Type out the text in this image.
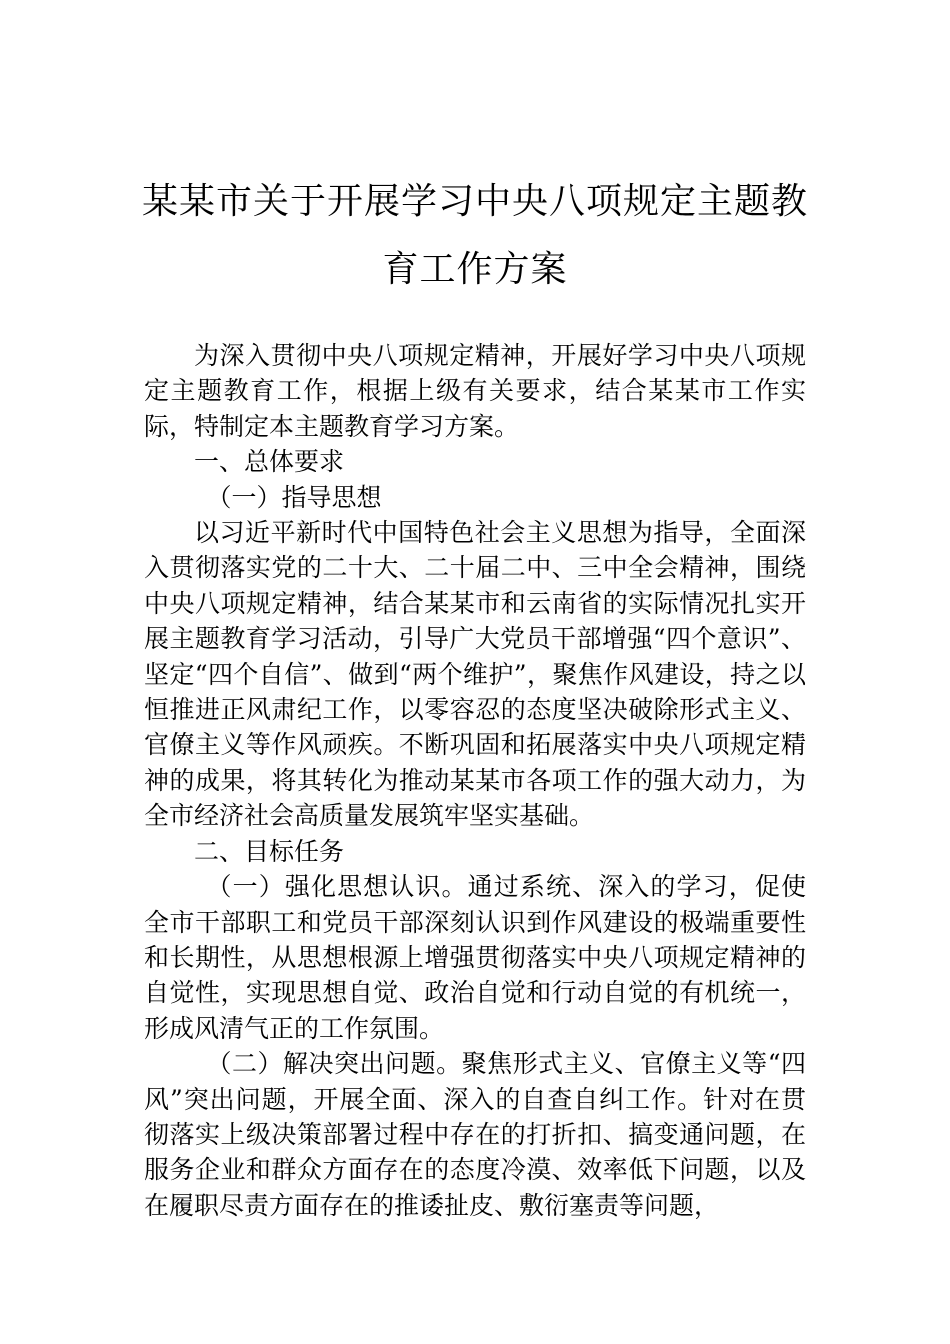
某某市关于开展学习中央八项规定主题教
育工作方案

为深入贯彻中央八项规定精神，开展好学习中央八项规定主题教育工作，根据上级有关要求，结合某某市工作实际，特制定本主题教育学习方案。

一、总体要求

（一）指导思想

以习近平新时代中国特色社会主义思想为指导，全面深入贯彻落实党的二十大、二十届二中、三中全会精神，围绕中央八项规定精神，结合某某市和云南省的实际情况扎实开展主题教育学习活动，引导广大党员干部增强“四个意识”、坚定“四个自信”、做到“两个维护”，聚焦作风建设，持之以恒推进正风肃纪工作，以零容忍的态度坚决破除形式主义、官僚主义等作风顽疾。不断巩固和拓展落实中央八项规定精神的成果，将其转化为推动某某市各项工作的强大动力，为全市经济社会高质量发展筑牢坚实基础。

二、目标任务

（一）强化思想认识。通过系统、深入的学习，促使全市干部职工和党员干部深刻认识到作风建设的极端重要性和长期性，从思想根源上增强贯彻落实中央八项规定精神的自觉性，实现思想自觉、政治自觉和行动自觉的有机统一，形成风清气正的工作氛围。

（二）解决突出问题。聚焦形式主义、官僚主义等“四风”突出问题，开展全面、深入的自查自纠工作。针对在贯彻落实上级决策部署过程中存在的打折扣、搞变通问题，在服务企业和群众方面存在的态度冷漠、效率低下问题，以及在履职尽责方面存在的推诿扯皮、敷衍塞责等问题，
